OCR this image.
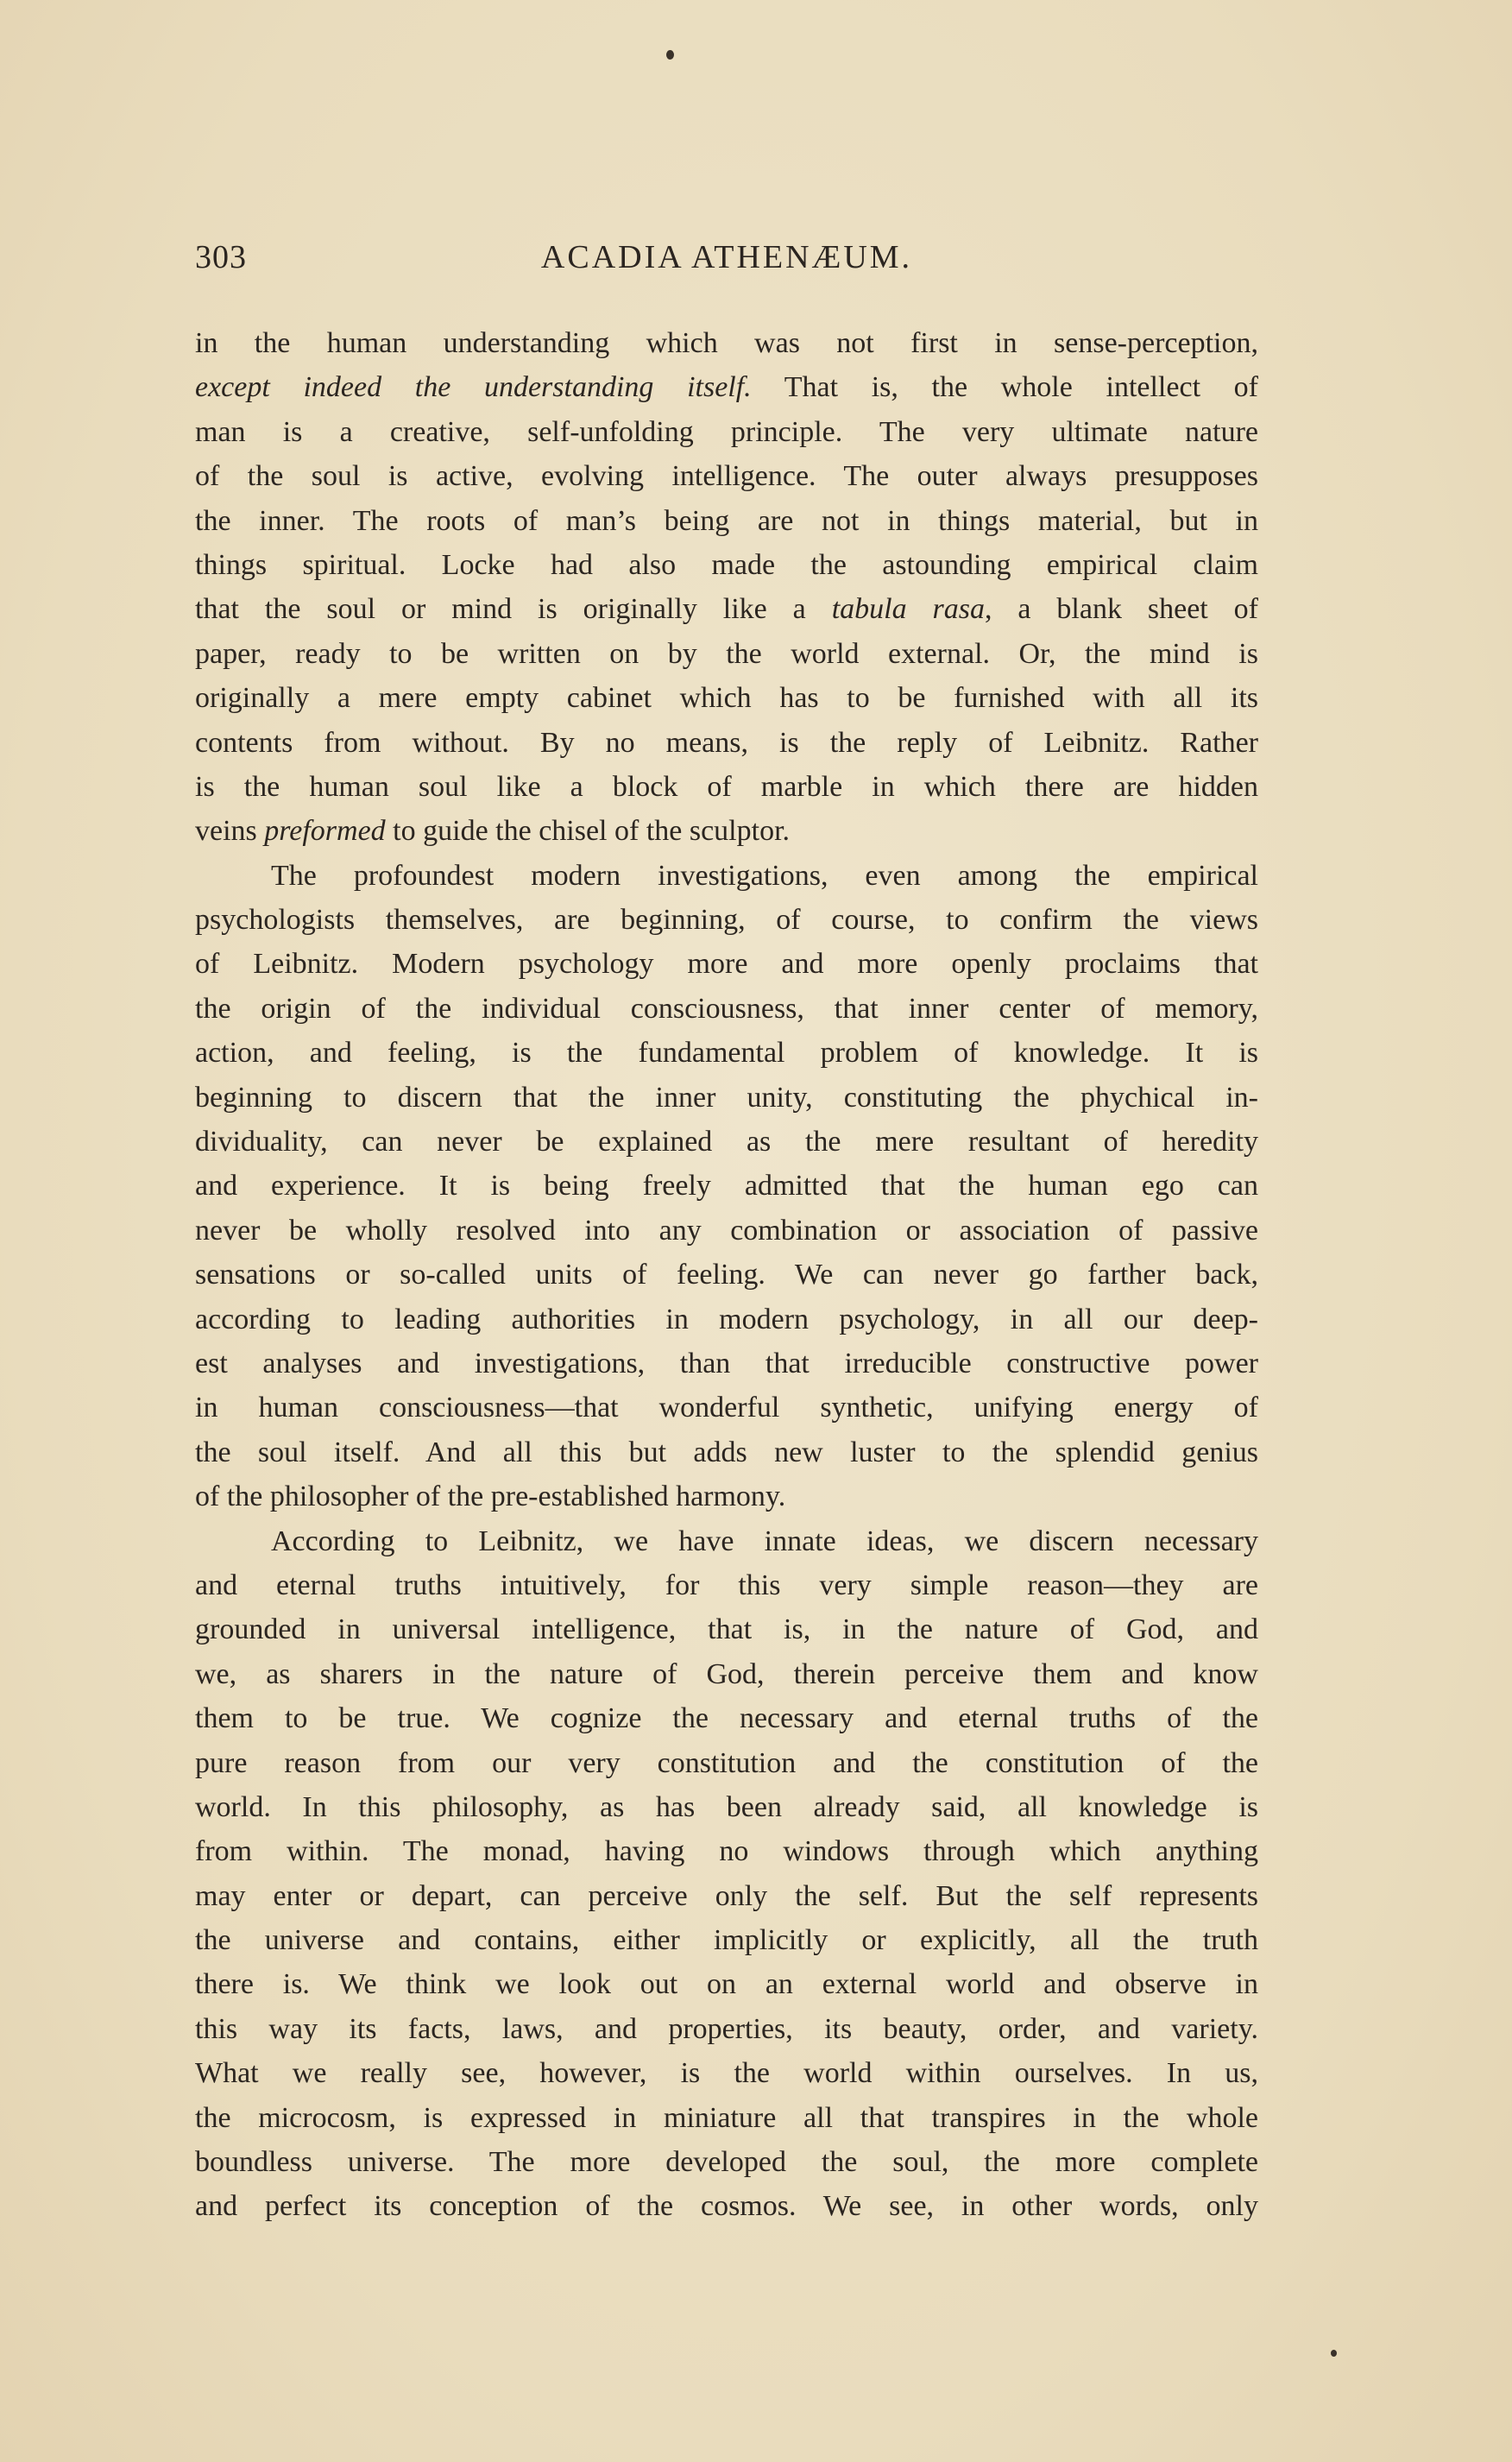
303	ACADIA ATHENÆUM.
in the human understanding which was not first in sense-perception,
except indeed the understanding itself. That is, the whole intellect of
man is a creative, self-unfolding principle. The very ultimate nature
of the soul is active, evolving intelligence. The outer always presupposes
the inner. The roots of man’s being are not in things material, but in
things spiritual. Locke had also made the astounding empirical claim
that the soul or mind is originally like a tabula rasa, a blank sheet of
paper, ready to be written on by the world external. Or, the mind is
originally a mere empty cabinet which has to be furnished with all its
contents from without. By no means, is the reply of Leibnitz. Rather
is the human soul like a block of marble in which there are hidden
veins preformed to guide the chisel of the sculptor.
The profoundest modern investigations, even among the empirical
psychologists themselves, are beginning, of course, to confirm the views
of Leibnitz. Modern psychology more and more openly proclaims that
the origin of the individual consciousness, that inner center of memory,
action, and feeling, is the fundamental problem of knowledge. It is
beginning to discern that the inner unity, constituting the phychical in-
dividuality, can never be explained as the mere resultant of heredity
and experience. It is being freely admitted that the human ego can
never be wholly resolved into any combination or association of passive
sensations or so-called units of feeling. We can never go farther back,
according to leading authorities in modern psychology, in all our deep-
est analyses and investigations, than that irreducible constructive power
in human consciousness—that wonderful synthetic, unifying energy of
the soul itself. And all this but adds new luster to the splendid genius
of the philosopher of the pre-established harmony.
According to Leibnitz, we have innate ideas, we discern necessary
and eternal truths intuitively, for this very simple reason—they are
grounded in universal intelligence, that is, in the nature of God, and
we, as sharers in the nature of God, therein perceive them and know
them to be true. We cognize the necessary and eternal truths of the
pure reason from our very constitution and the constitution of the
world. In this philosophy, as has been already said, all knowledge is
from within. The monad, having no windows through which anything
may enter or depart, can perceive only the self. But the self represents
the universe and contains, either implicitly or explicitly, all the truth
there is. We think we look out on an external world and observe in
this way its facts, laws, and properties, its beauty, order, and variety.
What we really see, however, is the world within ourselves. In us,
the microcosm, is expressed in miniature all that transpires in the whole
boundless universe. The more developed the soul, the more complete
and perfect its conception of the cosmos. We see, in other words, only
